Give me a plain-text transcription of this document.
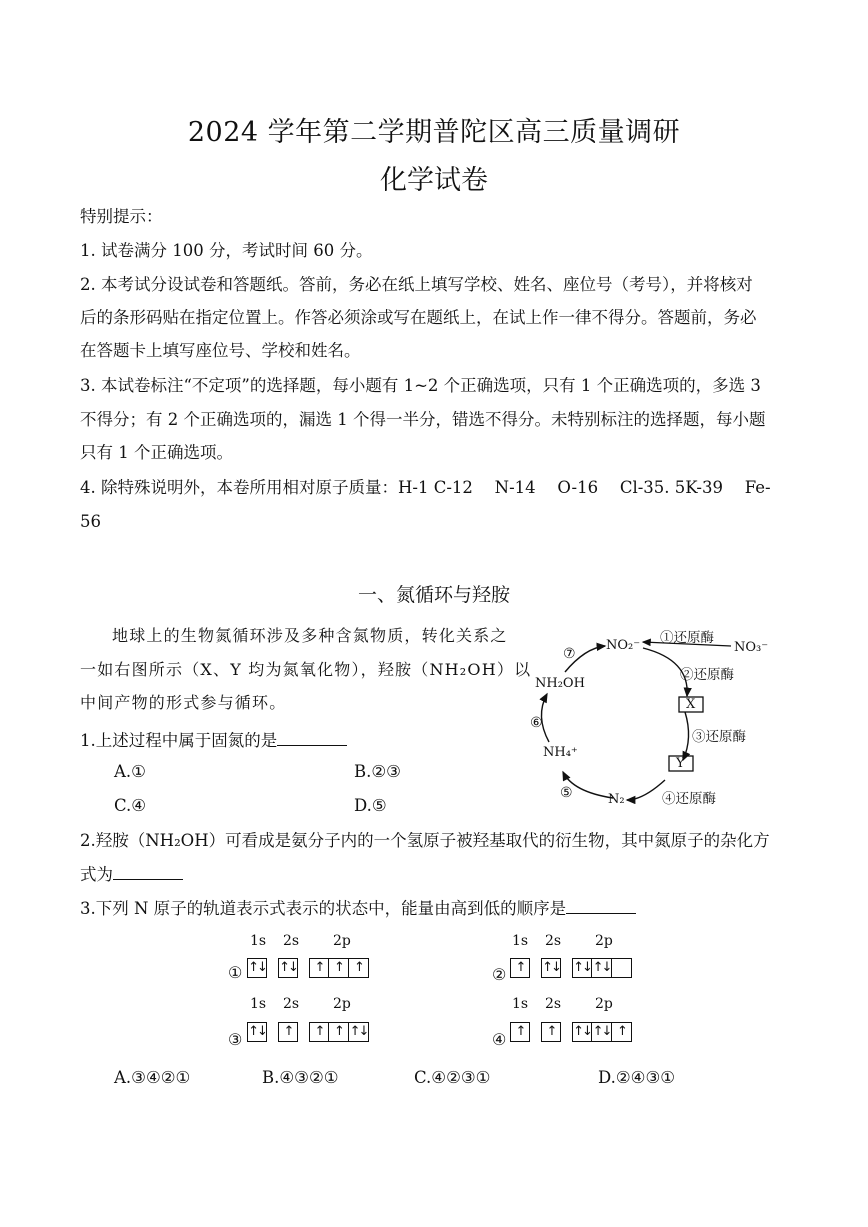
2024 学年第二学期普陀区高三质量调研
化学试卷
特别提示：
1. 试卷满分 100 分，考试时间 60 分。
2. 本考试分设试卷和答题纸。答前，务必在纸上填写学校、姓名、座位号（考号），并将核对
后的条形码贴在指定位置上。作答必须涂或写在题纸上，在试上作一律不得分。答题前，务必
在答题卡上填写座位号、学校和姓名。
3. 本试卷标注“不定项”的选择题，每小题有 1~2 个正确选项，只有 1 个正确选项的，多选 3
不得分；有 2 个正确选项的，漏选 1 个得一半分，错选不得分。未特别标注的选择题，每小题
只有 1 个正确选项。
4. 除特殊说明外，本卷所用相对原子质量：H-1 C-12　 N-14　 O-16　 Cl-35. 5K-39　 Fe-
56
一、氮循环与羟胺
地球上的生物氮循环涉及多种含氮物质，转化关系之
一如右图所示（X、Y 均为氮氧化物），羟胺（NH₂OH）以
中间产物的形式参与循环。
NO₂⁻	NO₃⁻
①还原酶
②还原酶
X
③还原酶
Y
④还原酶
N₂
⑤
NH₄⁺
⑥
NH₂OH
⑦
1.上述过程中属于固氮的是
A.①	B.②③
C.④	D.⑤
2.羟胺（NH₂OH）可看成是氨分子内的一个氢原子被羟基取代的衍生物，其中氮原子的杂化方
式为
3.下列 N 原子的轨道表示式表示的状态中，能量由高到低的顺序是
1s 2s 2p
① ↑↓ ↑↓	↑ ↑ ↑
1s 2s 2p
② ↑	↑↓ ↑↓ ↑↓
1s 2s 2p
③ ↑↓	↑	↑ ↑ ↑↓
1s 2s 2p
④ ↑	↑	↑↓ ↑↓ ↑
A.③④②①	B.④③②①	C.④②③①	D.②④③①
